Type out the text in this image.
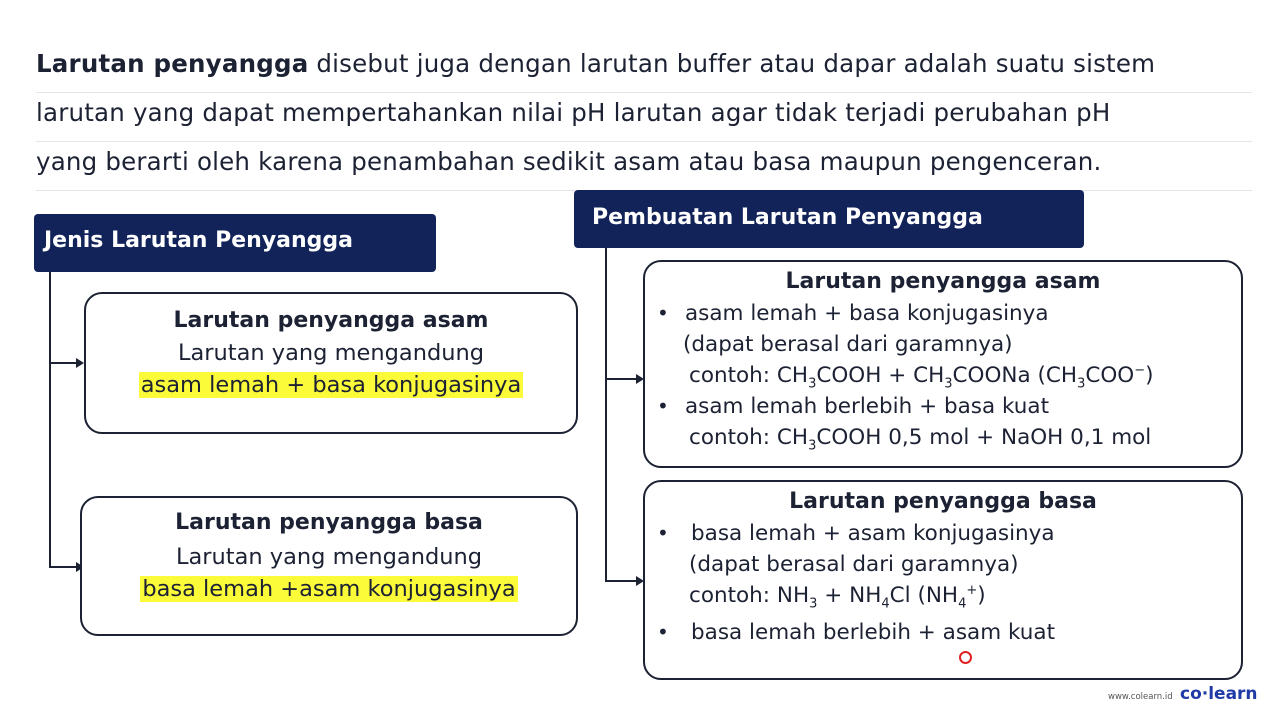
Larutan penyangga disebut juga dengan larutan buffer atau dapar adalah suatu sistem
larutan yang dapat mempertahankan nilai pH larutan agar tidak terjadi perubahan pH
yang berarti oleh karena penambahan sedikit asam atau basa maupun pengenceran.
Jenis Larutan Penyangga
Larutan penyangga asam
Larutan yang mengandung
asam lemah + basa konjugasinya
Larutan penyangga basa
Larutan yang mengandung
basa lemah +asam konjugasinya
Pembuatan Larutan Penyangga
Larutan penyangga asam
• asam lemah + basa konjugasinya
(dapat berasal dari garamnya)
contoh: $CH_3COOH$ + $CH_3COONa$ $(CH_3COO^-)$
• asam lemah berlebih + basa kuat
contoh: $CH_3COOH$ 0,5 mol + NaOH 0,1 mol
Larutan penyangga basa
• basa lemah + asam konjugasinya
(dapat berasal dari garamnya)
contoh: $NH_3 + NH_4Cl$ $(NH_4^+)$
• basa lemah berlebih + asam kuat
www.colearn.id co·learn
